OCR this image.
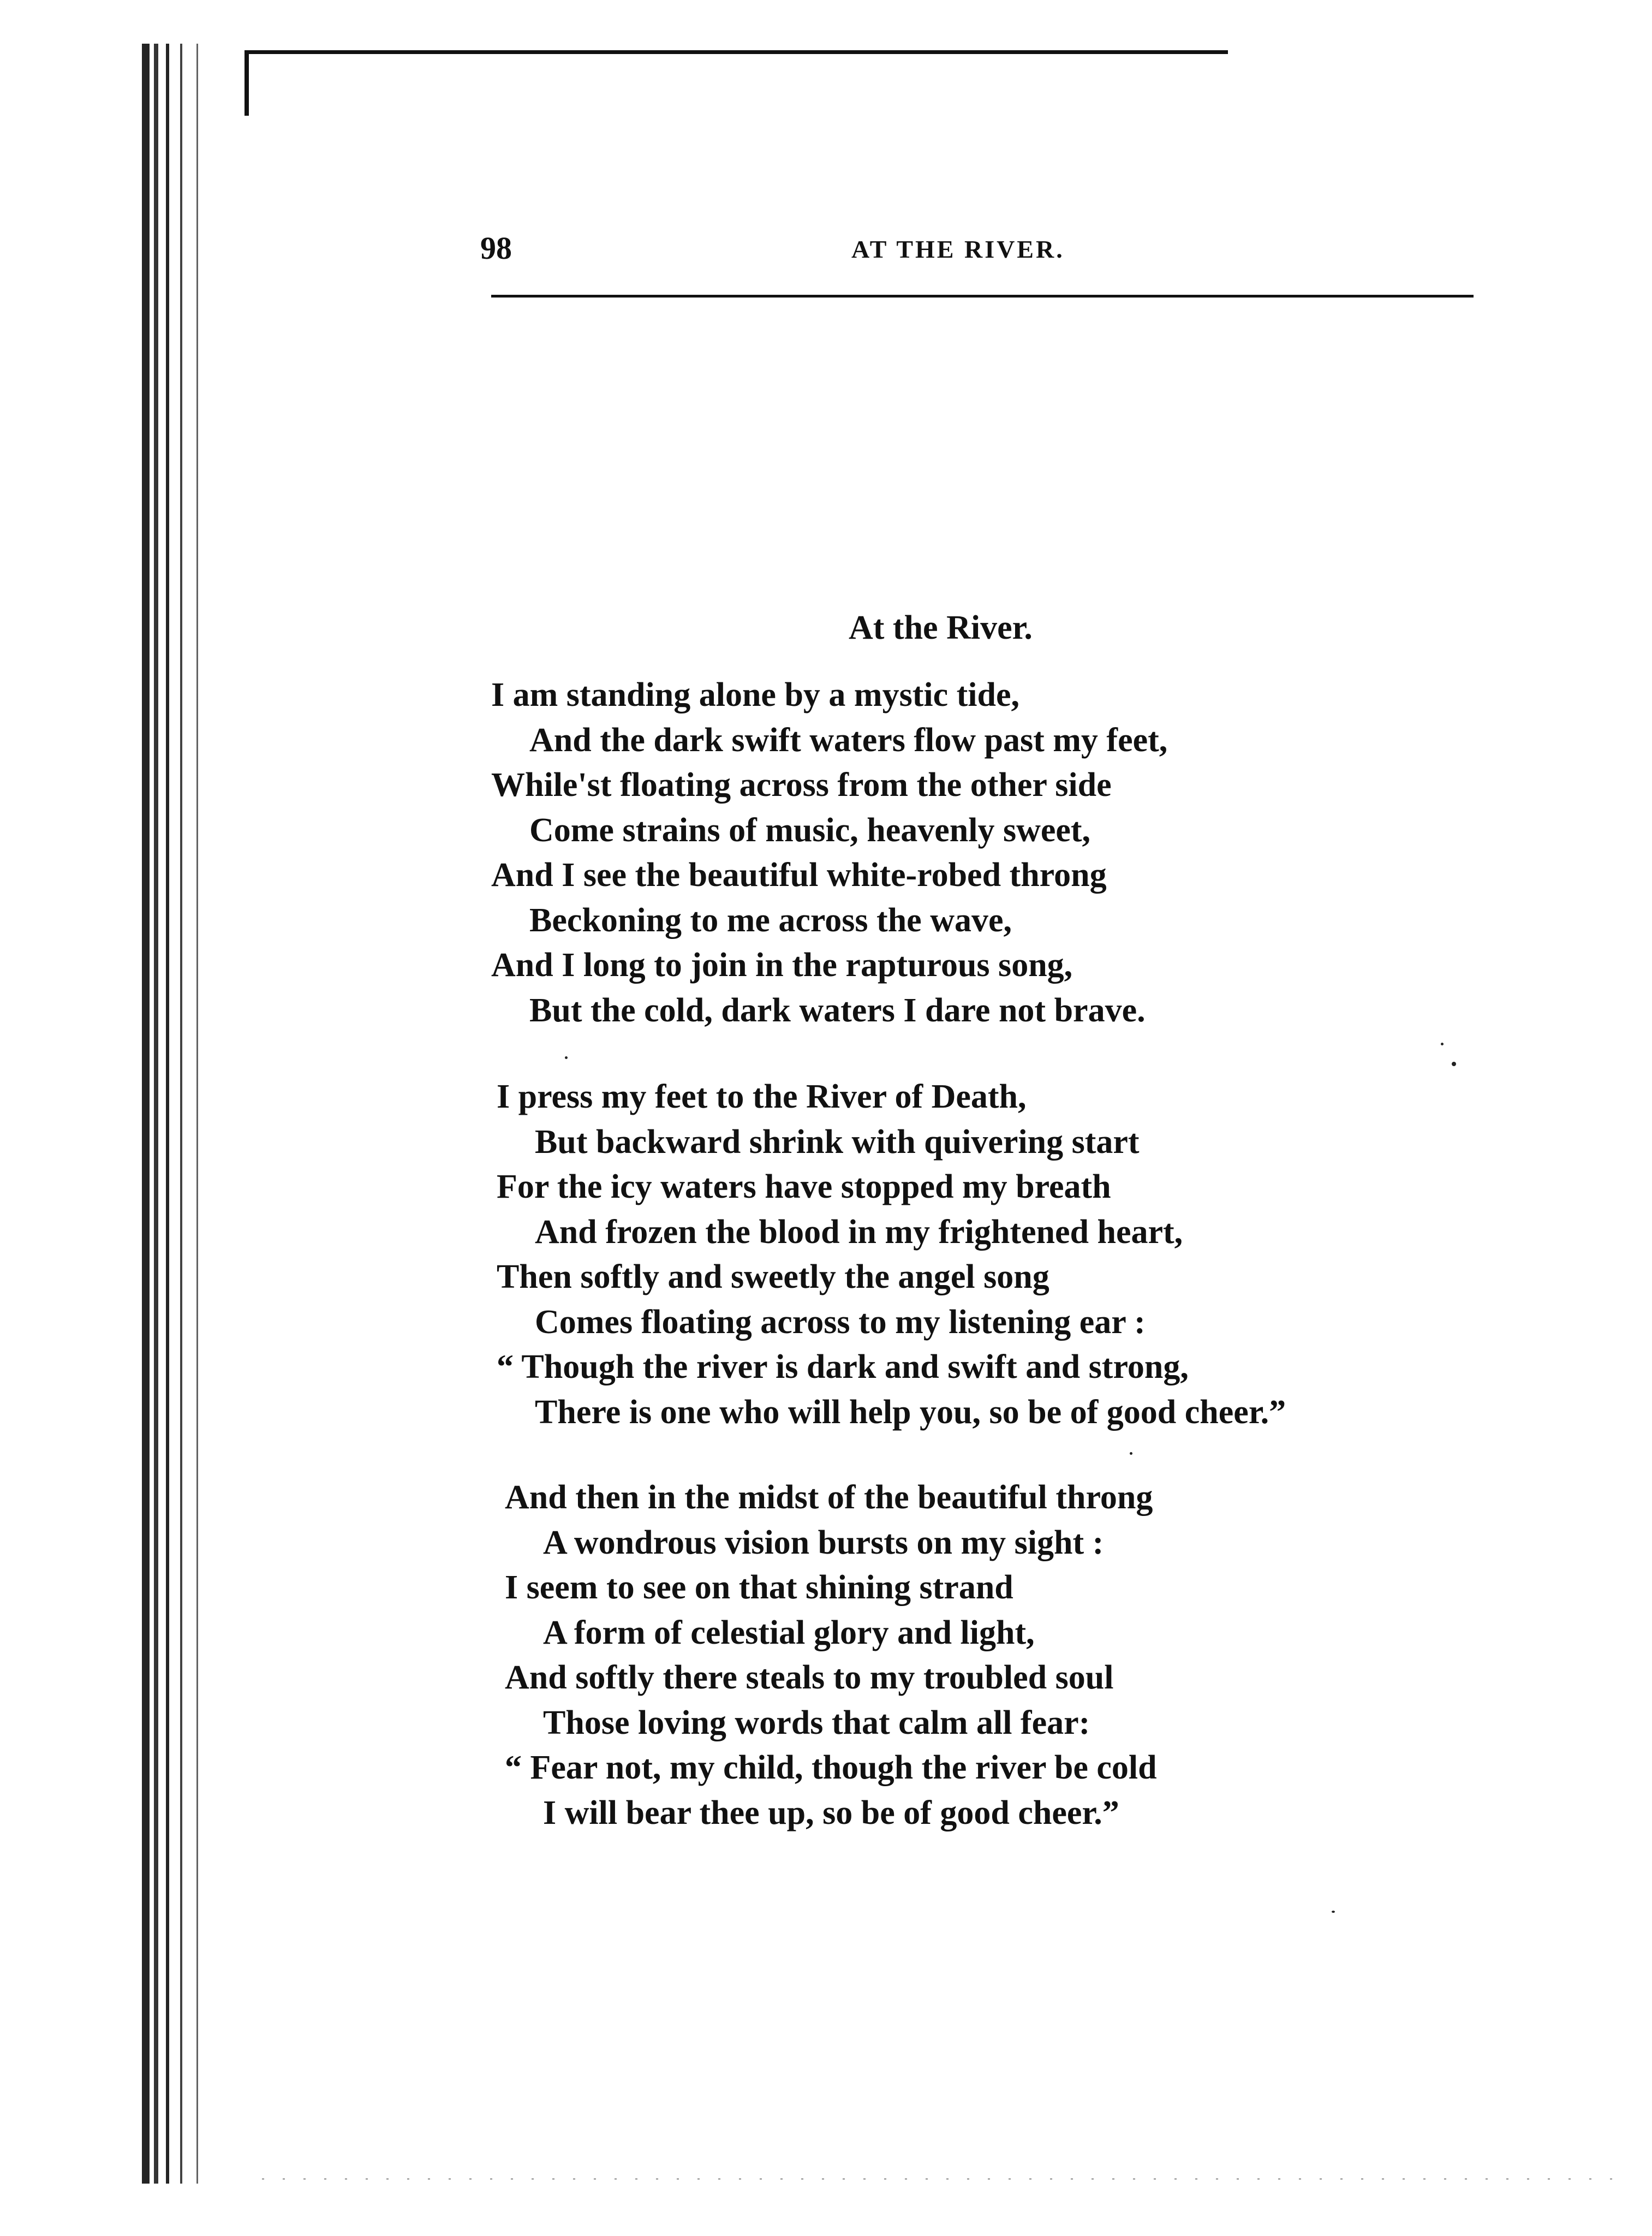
98	AT THE RIVER.
At the River.
I am standing alone by a mystic tide,
And the dark swift waters flow past my feet,
While'st floating across from the other side
Come strains of music, heavenly sweet,
And I see the beautiful white-robed throng
Beckoning to me across the wave,
And I long to join in the rapturous song,
But the cold, dark waters I dare not brave.
I press my feet to the River of Death,
But backward shrink with quivering start
For the icy waters have stopped my breath
And frozen the blood in my frightened heart,
Then softly and sweetly the angel song
Comes floating across to my listening ear :
“ Though the river is dark and swift and strong,
There is one who will help you, so be of good cheer.”
And then in the midst of the beautiful throng
A wondrous vision bursts on my sight :
I seem to see on that shining strand
A form of celestial glory and light,
And softly there steals to my troubled soul
Those loving words that calm all fear:
“ Fear not, my child, though the river be cold
I will bear thee up, so be of good cheer.”
